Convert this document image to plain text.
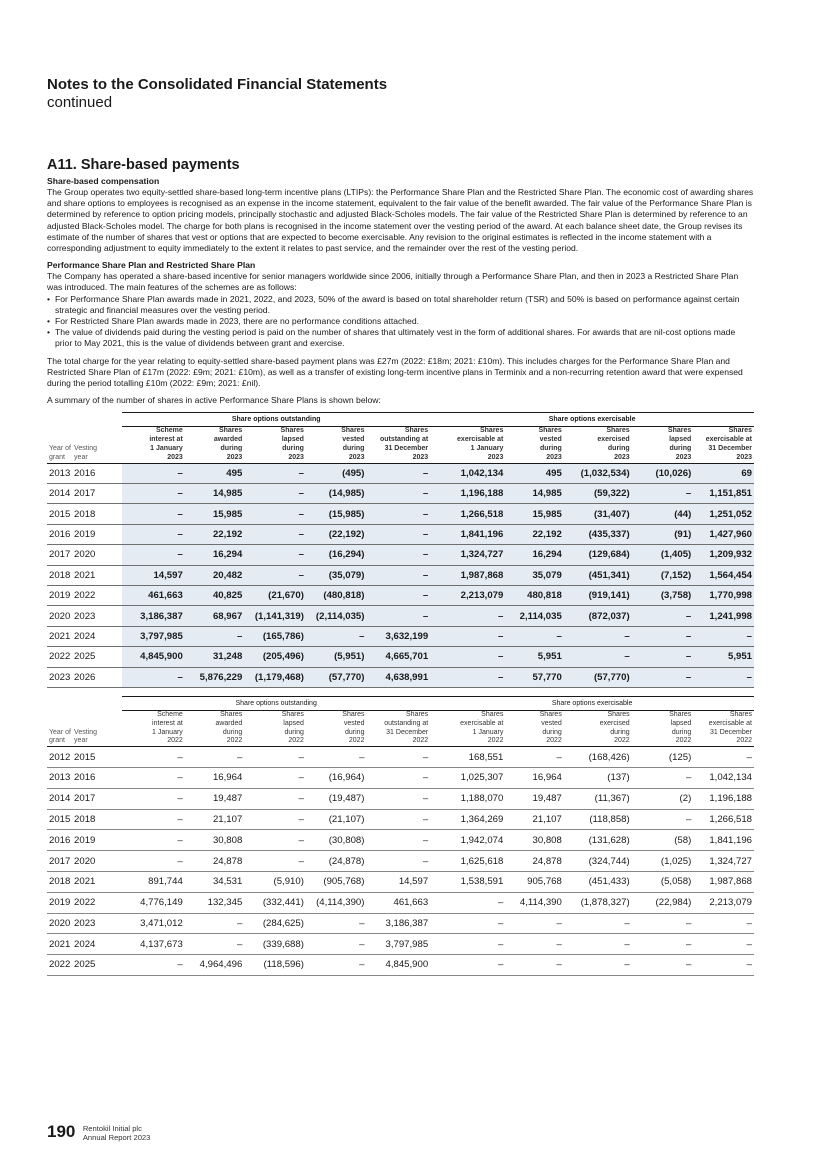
Notes to the Consolidated Financial Statements
continued
A11. Share-based payments
Share-based compensation

The Group operates two equity-settled share-based long-term incentive plans (LTIPs): the Performance Share Plan and the Restricted Share Plan. The economic cost of awarding shares and share options to employees is recognised as an expense in the income statement, equivalent to the fair value of the benefit awarded. The fair value of the Performance Share Plan is determined by reference to option pricing models, principally stochastic and adjusted Black-Scholes models. The fair value of the Restricted Share Plan is determined by reference to an adjusted Black-Scholes model. The charge for both plans is recognised in the income statement over the vesting period of the award. At each balance sheet date, the Group revises its estimate of the number of shares that vest or options that are expected to become exercisable. Any revision to the original estimates is reflected in the income statement with a corresponding adjustment to equity immediately to the extent it relates to past service, and the remainder over the rest of the vesting period.

Performance Share Plan and Restricted Share Plan

The Company has operated a share-based incentive for senior managers worldwide since 2006, initially through a Performance Share Plan, and then in 2023 a Restricted Share Plan was introduced. The main features of the schemes are as follows:

• For Performance Share Plan awards made in 2021, 2022, and 2023, 50% of the award is based on total shareholder return (TSR) and 50% is based on performance against certain strategic and financial measures over the vesting period.
• For Restricted Share Plan awards made in 2023, there are no performance conditions attached.
• The value of dividends paid during the vesting period is paid on the number of shares that ultimately vest in the form of additional shares. For awards that are nil-cost options made prior to May 2021, this is the value of dividends between grant and exercise.

The total charge for the year relating to equity-settled share-based payment plans was £27m (2022: £18m; 2021: £10m). This includes charges for the Performance Share Plan and Restricted Share Plan of £17m (2022: £9m; 2021: £10m), as well as a transfer of existing long-term incentive plans in Terminix and a non-recurring retention award that were expensed during the period totalling £10m (2022: £9m; 2021: £nil).

A summary of the number of shares in active Performance Share Plans is shown below:

		Share options outstanding					Share options exercisable				
Year of
grant	Vesting
year	Scheme
interest at
1 January
2023	Shares
awarded
during
2023	Shares
lapsed
during
2023	Shares
vested
during
2023	Shares
outstanding at
31 December
2023	Shares
exercisable at
1 January
2023	Shares
vested
during
2023	Shares
exercised
during
2023	Shares
lapsed
during
2023	Shares
exercisable at
31 December
2023
2013	2016	–	495	–	(495)	–	1,042,134	495	(1,032,534)	(10,026)	69
2014	2017	–	14,985	–	(14,985)	–	1,196,188	14,985	(59,322)	–	1,151,851
2015	2018	–	15,985	–	(15,985)	–	1,266,518	15,985	(31,407)	(44)	1,251,052
2016	2019	–	22,192	–	(22,192)	–	1,841,196	22,192	(435,337)	(91)	1,427,960
2017	2020	–	16,294	–	(16,294)	–	1,324,727	16,294	(129,684)	(1,405)	1,209,932
2018	2021	14,597	20,482	–	(35,079)	–	1,987,868	35,079	(451,341)	(7,152)	1,564,454
2019	2022	461,663	40,825	(21,670)	(480,818)	–	2,213,079	480,818	(919,141)	(3,758)	1,770,998
2020	2023	3,186,387	68,967	(1,141,319)	(2,114,035)	–	–	2,114,035	(872,037)	–	1,241,998
2021	2024	3,797,985	–	(165,786)	–	3,632,199	–	–	–	–	–
2022	2025	4,845,900	31,248	(205,496)	(5,951)	4,665,701	–	5,951	–	–	5,951
2023	2026	–	5,876,229	(1,179,468)	(57,770)	4,638,991	–	57,770	(57,770)	–	–
		Share options outstanding					Share options exercisable				
Year of
grant	Vesting
year	Scheme
interest at
1 January
2022	Shares
awarded
during
2022	Shares
lapsed
during
2022	Shares
vested
during
2022	Shares
outstanding at
31 December
2022	Shares
exercisable at
1 January
2022	Shares
vested
during
2022	Shares
exercised
during
2022	Shares
lapsed
during
2022	Shares
exercisable at
31 December
2022
2012	2015	–	–	–	–	–	168,551	–	(168,426)	(125)	–
2013	2016	–	16,964	–	(16,964)	–	1,025,307	16,964	(137)	–	1,042,134
2014	2017	–	19,487	–	(19,487)	–	1,188,070	19,487	(11,367)	(2)	1,196,188
2015	2018	–	21,107	–	(21,107)	–	1,364,269	21,107	(118,858)	–	1,266,518
2016	2019	–	30,808	–	(30,808)	–	1,942,074	30,808	(131,628)	(58)	1,841,196
2017	2020	–	24,878	–	(24,878)	–	1,625,618	24,878	(324,744)	(1,025)	1,324,727
2018	2021	891,744	34,531	(5,910)	(905,768)	14,597	1,538,591	905,768	(451,433)	(5,058)	1,987,868
2019	2022	4,776,149	132,345	(332,441)	(4,114,390)	461,663	–	4,114,390	(1,878,327)	(22,984)	2,213,079
2020	2023	3,471,012	–	(284,625)	–	3,186,387	–	–	–	–	–
2021	2024	4,137,673	–	(339,688)	–	3,797,985	–	–	–	–	–
2022	2025	–	4,964,496	(118,596)	–	4,845,900	–	–	–	–	–
190 Rentokil Initial plc
Annual Report 2023
